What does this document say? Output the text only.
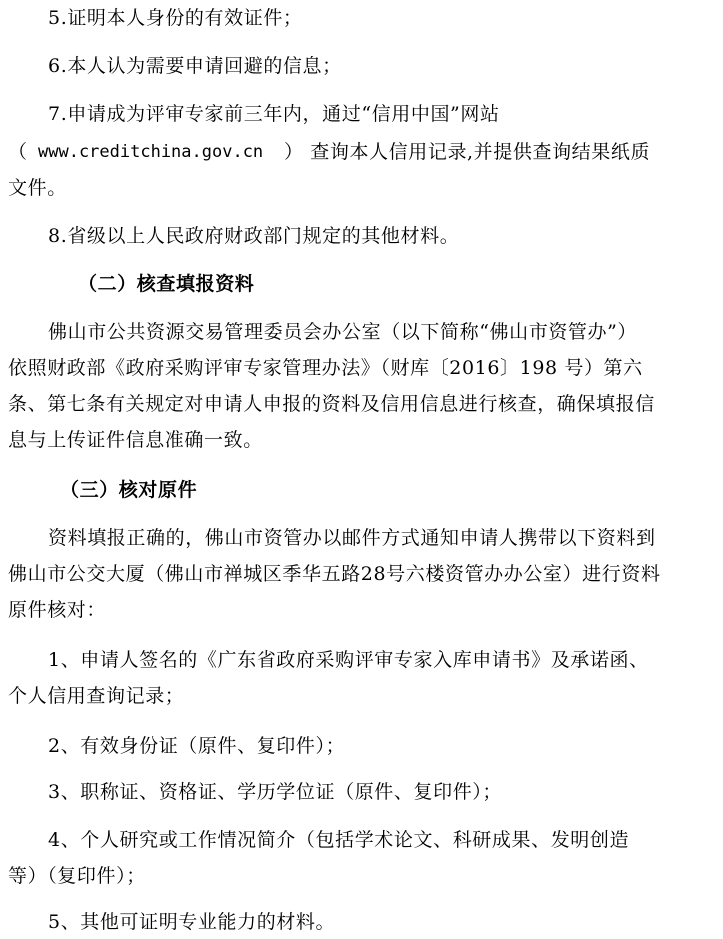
5.证明本人身份的有效证件；
6.本人认为需要申请回避的信息；
7.申请成为评审专家前三年内，通过“信用中国”网站
（ www.creditchina.gov.cn ） 查询本人信用记录,并提供查询结果纸质
文件。
8.省级以上人民政府财政部门规定的其他材料。
（二）核查填报资料
佛山市公共资源交易管理委员会办公室（以下简称“佛山市资管办”）
依照财政部《政府采购评审专家管理办法》（财库〔2016〕198 号）第六
条、第七条有关规定对申请人申报的资料及信用信息进行核查，确保填报信
息与上传证件信息准确一致。
（三）核对原件
资料填报正确的，佛山市资管办以邮件方式通知申请人携带以下资料到
佛山市公交大厦（佛山市禅城区季华五路28号六楼资管办办公室）进行资料
原件核对：
1、申请人签名的《广东省政府采购评审专家入库申请书》及承诺函、
个人信用查询记录；
2、有效身份证（原件、复印件）；
3、职称证、资格证、学历学位证（原件、复印件）；
4、个人研究或工作情况简介（包括学术论文、科研成果、发明创造
等）（复印件）；
5、其他可证明专业能力的材料。
